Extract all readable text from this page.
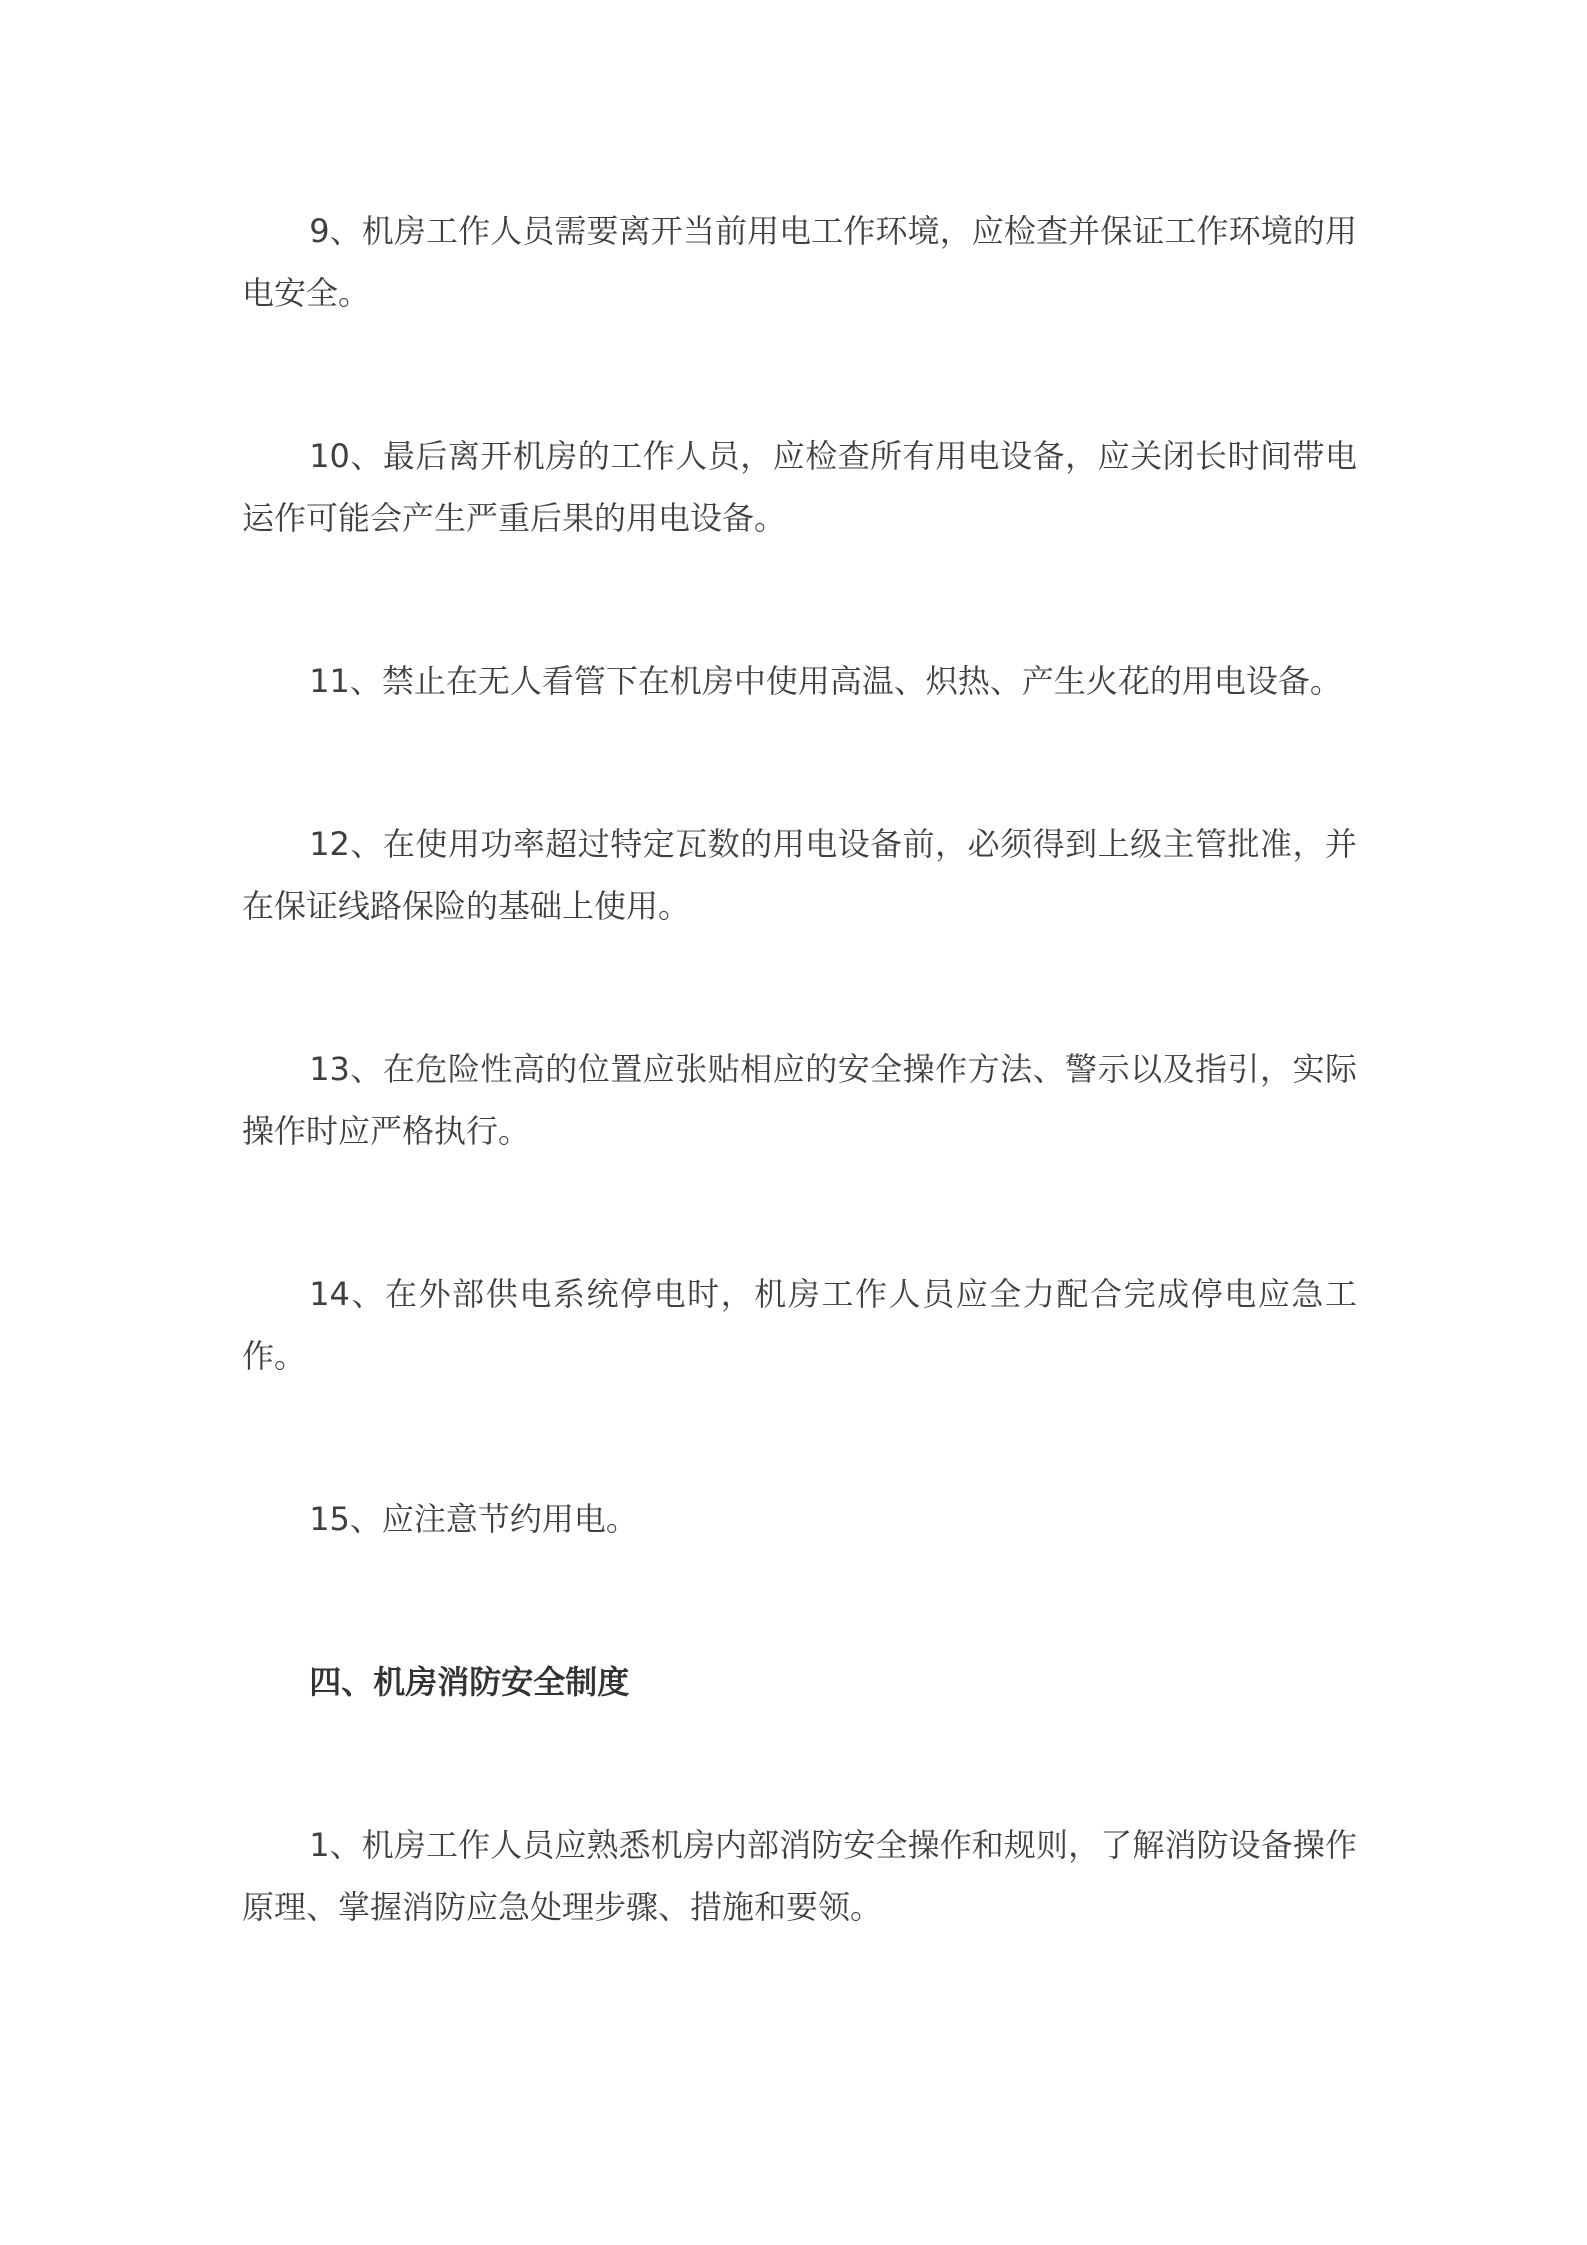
9、机房工作人员需要离开当前用电工作环境，应检查并保证工作环境的用电安全。

10、最后离开机房的工作人员，应检查所有用电设备，应关闭长时间带电运作可能会产生严重后果的用电设备。

11、禁止在无人看管下在机房中使用高温、炽热、产生火花的用电设备。

12、在使用功率超过特定瓦数的用电设备前，必须得到上级主管批准，并在保证线路保险的基础上使用。

13、在危险性高的位置应张贴相应的安全操作方法、警示以及指引，实际操作时应严格执行。

14、在外部供电系统停电时，机房工作人员应全力配合完成停电应急工作。

15、应注意节约用电。

四、机房消防安全制度

1、机房工作人员应熟悉机房内部消防安全操作和规则，了解消防设备操作原理、掌握消防应急处理步骤、措施和要领。
